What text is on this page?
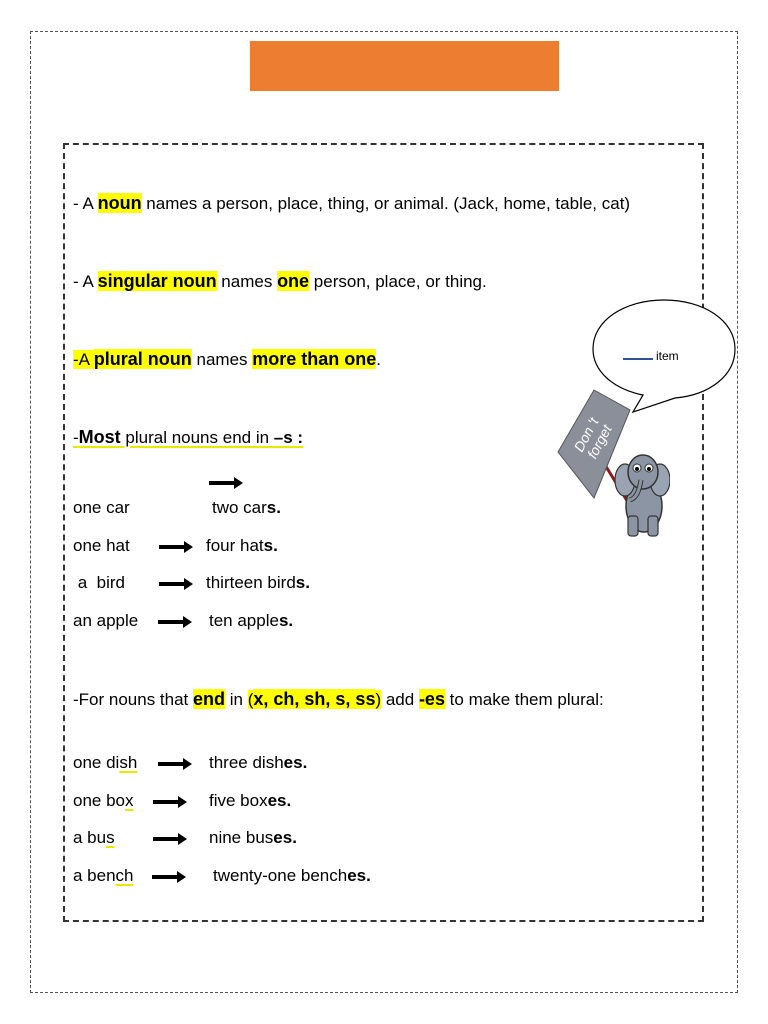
- A noun names a person, place, thing, or animal. (Jack, home, table, cat)
- A singular noun names one person, place, or thing.
-A plural noun names more than one.
-Most plural nouns end in –s :
one car	two cars.
one hat	four hats.
a  bird	thirteen birds.
an apple	ten apples.
-For nouns that end in (x, ch, sh, s, ss) add -es to make them plural:
one dish	three dishes.
one box	five boxes.
a bus	nine buses.
a bench	twenty-one benches.
item
Don 't forget
